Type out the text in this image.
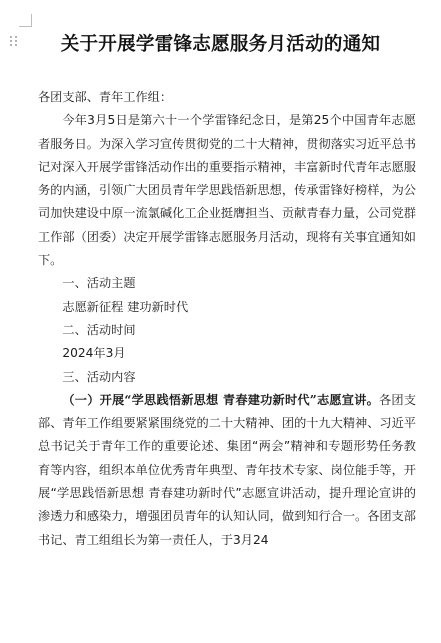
关于开展学雷锋志愿服务月活动的通知

各团支部、青年工作组：

今年3月5日是第六十一个学雷锋纪念日，是第25个中国青年志愿者服务日。为深入学习宣传贯彻党的二十大精神，贯彻落实习近平总书记对深入开展学雷锋活动作出的重要指示精神，丰富新时代青年志愿服务的内涵，引领广大团员青年学思践悟新思想，传承雷锋好榜样，为公司加快建设中原一流氯碱化工企业挺膺担当、贡献青春力量，公司党群工作部（团委）决定开展学雷锋志愿服务月活动，现将有关事宜通知如下。

一、活动主题

志愿新征程 建功新时代

二、活动时间

2024年3月

三、活动内容

（一）开展“学思践悟新思想 青春建功新时代”志愿宣讲。各团支部、青年工作组要紧紧围绕党的二十大精神、团的十九大精神、习近平总书记关于青年工作的重要论述、集团“两会”精神和专题形势任务教育等内容，组织本单位优秀青年典型、青年技术专家、岗位能手等，开展“学思践悟新思想 青春建功新时代”志愿宣讲活动，提升理论宣讲的渗透力和感染力，增强团员青年的认知认同，做到知行合一。各团支部书记、青工组组长为第一责任人，于3月24
